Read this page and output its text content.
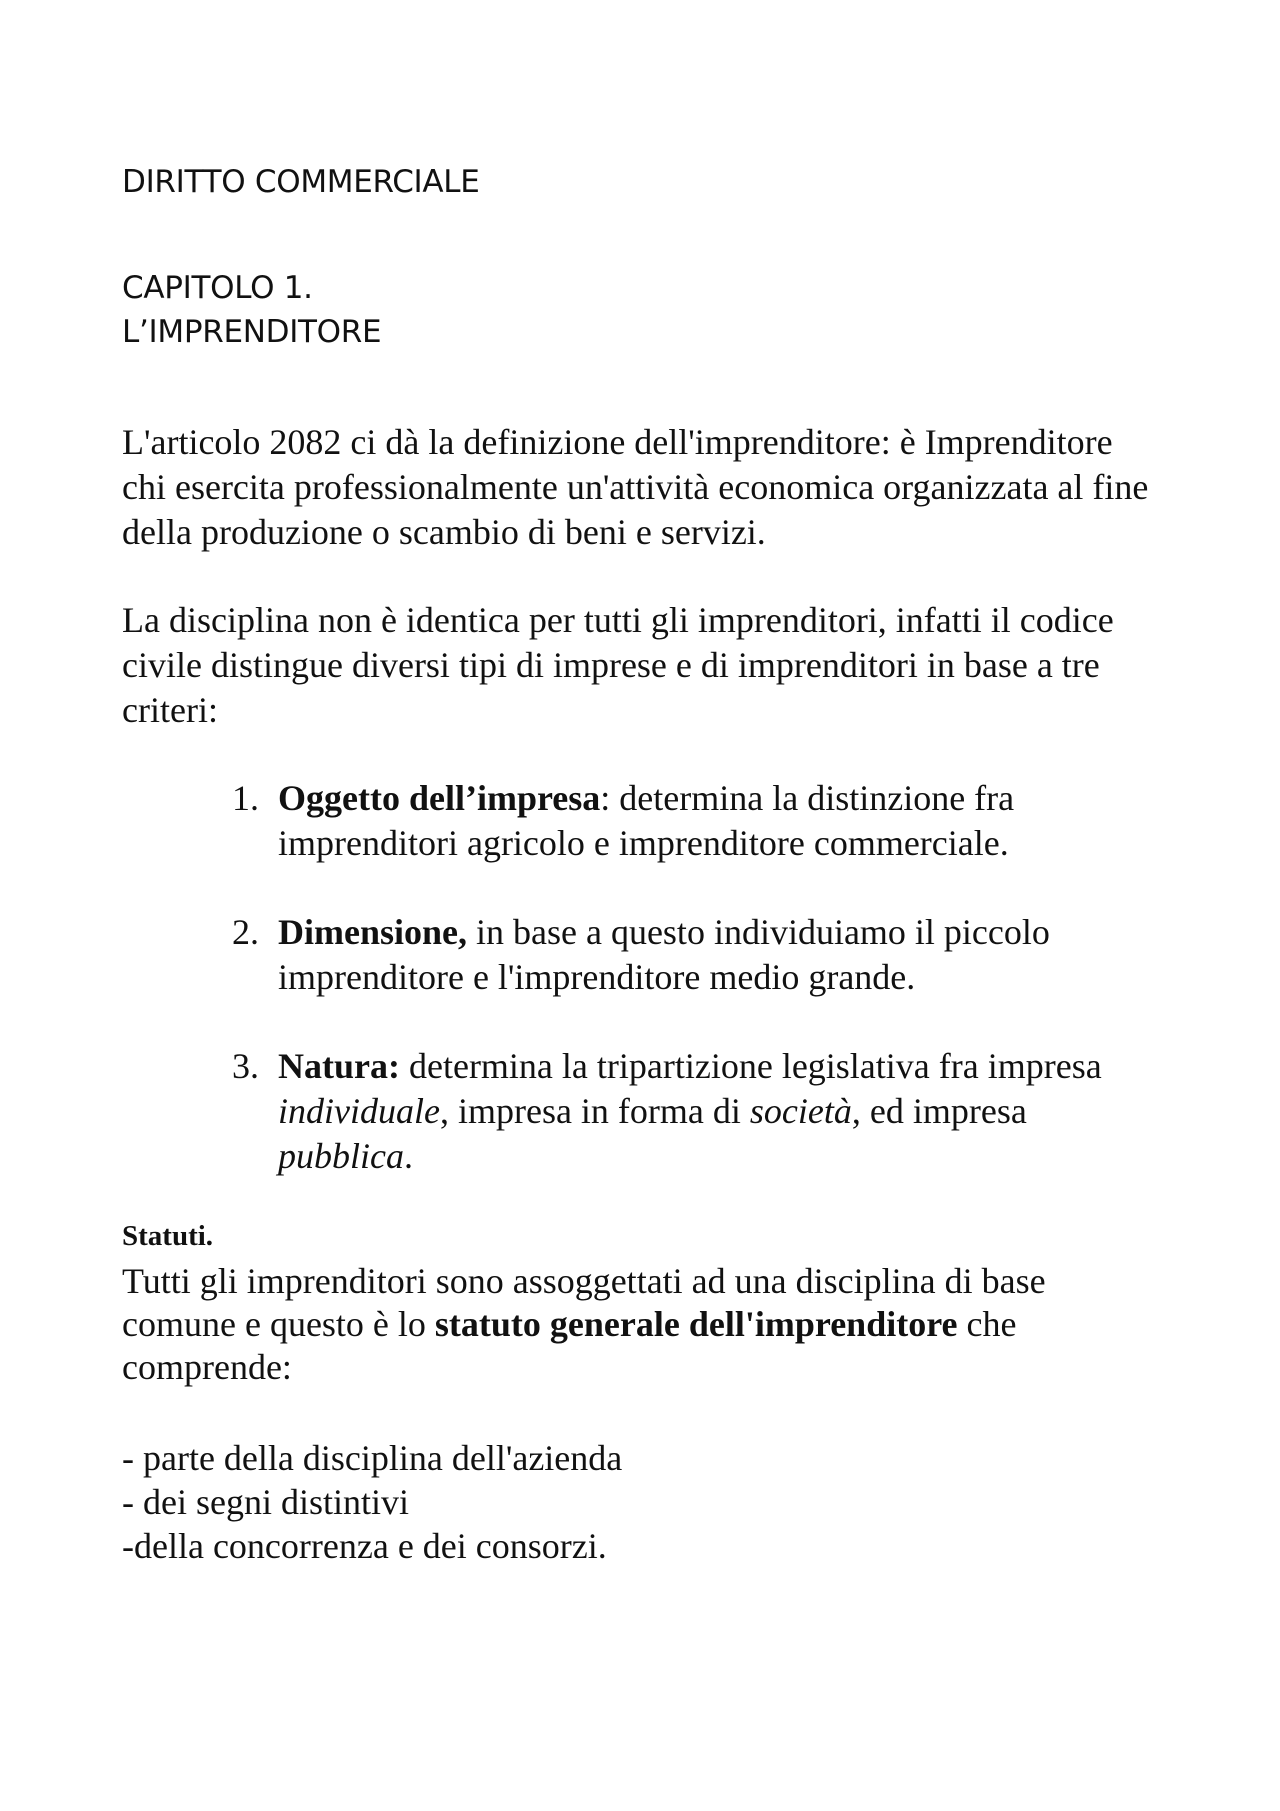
DIRITTO COMMERCIALE
CAPITOLO 1.
L’IMPRENDITORE
L'articolo 2082 ci dà la definizione dell'imprenditore: è Imprenditore chi esercita professionalmente un'attività economica organizzata al fine della produzione o scambio di beni e servizi.
La disciplina non è identica per tutti gli imprenditori, infatti il codice civile distingue diversi tipi di imprese e di imprenditori in base a tre criteri:
1. Oggetto dell’impresa: determina la distinzione fra imprenditori agricolo e imprenditore commerciale.
2. Dimensione, in base a questo individuiamo il piccolo imprenditore e l'imprenditore medio grande.
3. Natura: determina la tripartizione legislativa fra impresa individuale, impresa in forma di società, ed impresa pubblica.
Statuti.
Tutti gli imprenditori sono assoggettati ad una disciplina di base comune e questo è lo statuto generale dell'imprenditore che comprende:
- parte della disciplina dell'azienda
- dei segni distintivi
-della concorrenza e dei consorzi.
